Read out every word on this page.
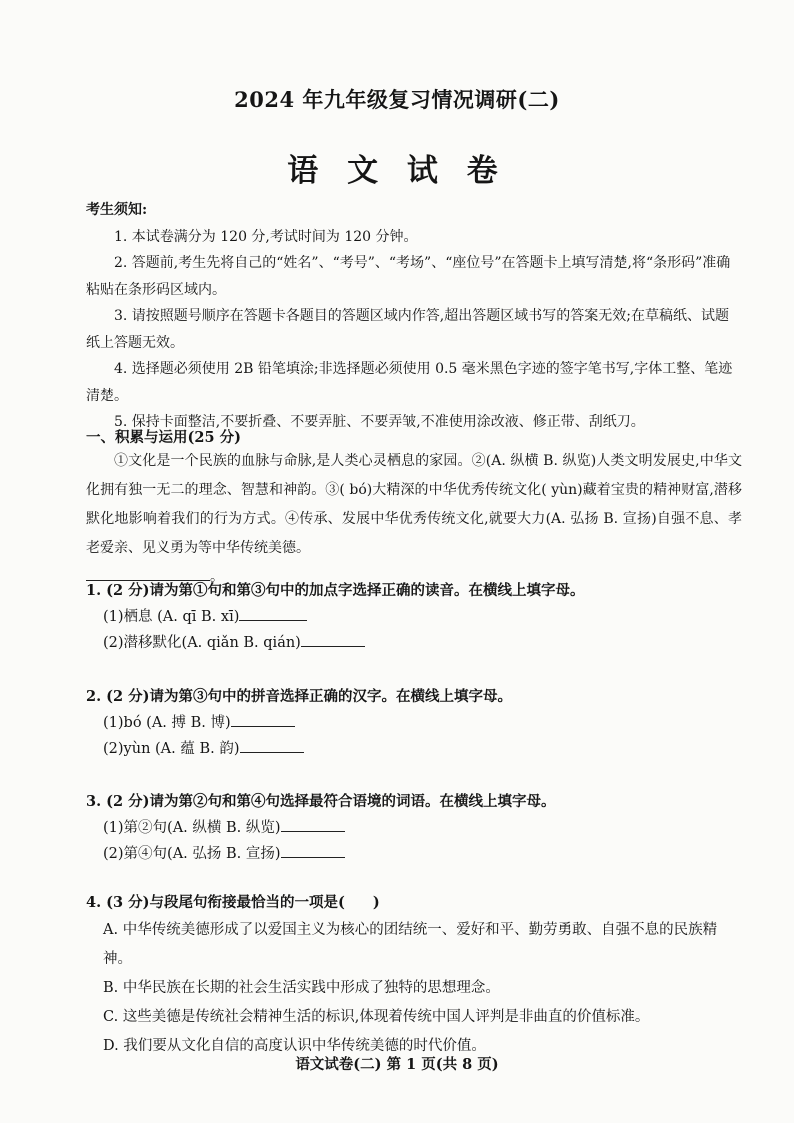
2024 年九年级复习情况调研(二)
语 文 试 卷
考生须知:
1. 本试卷满分为 120 分,考试时间为 120 分钟。
2. 答题前,考生先将自己的“姓名”、“考号”、“考场”、“座位号”在答题卡上填写清楚,将“条形码”准确粘贴在条形码区域内。
3. 请按照题号顺序在答题卡各题目的答题区域内作答,超出答题区域书写的答案无效;在草稿纸、试题纸上答题无效。
4. 选择题必须使用 2B 铅笔填涂;非选择题必须使用 0.5 毫米黑色字迹的签字笔书写,字体工整、笔迹清楚。
5. 保持卡面整洁,不要折叠、不要弄脏、不要弄皱,不准使用涂改液、修正带、刮纸刀。
一、积累与运用(25 分)
①文化是一个民族的血脉与命脉,是人类心灵栖息的家园。②(A. 纵横 B. 纵览)人类文明发展史,中华文化拥有独一无二的理念、智慧和神韵。③( bó)大精深的中华优秀传统文化( yùn)藏着宝贵的精神财富,潜移默化地影响着我们的行为方式。④传承、发展中华优秀传统文化,就要大力(A. 弘扬 B. 宣扬)自强不息、孝老爱亲、见义勇为等中华传统美德。
。
1. (2 分)请为第①句和第③句中的加点字选择正确的读音。在横线上填字母。
(1)栖息 (A. qī B. xī)
(2)潜移默化(A. qiǎn B. qián)
2. (2 分)请为第③句中的拼音选择正确的汉字。在横线上填字母。
(1)bó (A. 搏 B. 博)
(2)yùn (A. 蕴 B. 韵)
3. (2 分)请为第②句和第④句选择最符合语境的词语。在横线上填字母。
(1)第②句(A. 纵横 B. 纵览)
(2)第④句(A. 弘扬 B. 宣扬)
4. (3 分)与段尾句衔接最恰当的一项是( )
A. 中华传统美德形成了以爱国主义为核心的团结统一、爱好和平、勤劳勇敢、自强不息的民族精神。
B. 中华民族在长期的社会生活实践中形成了独特的思想理念。
C. 这些美德是传统社会精神生活的标识,体现着传统中国人评判是非曲直的价值标准。
D. 我们要从文化自信的高度认识中华传统美德的时代价值。
语文试卷(二) 第 1 页(共 8 页)
